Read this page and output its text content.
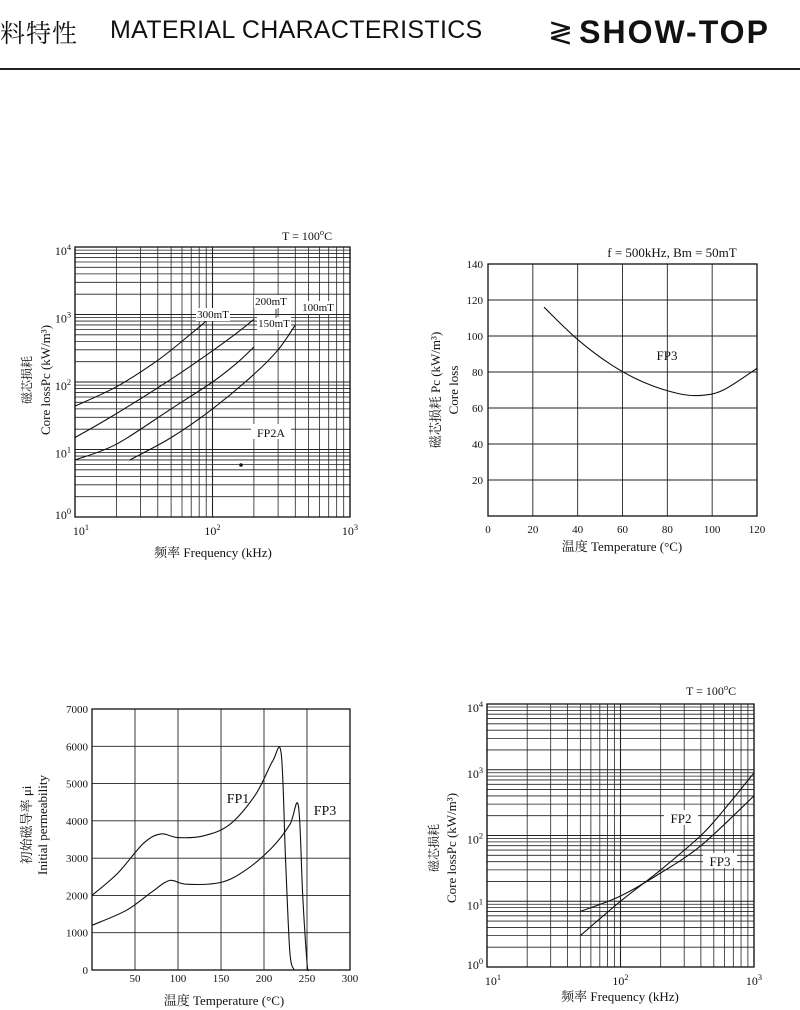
料特性 MATERIAL CHARACTERISTICS ≷ SHOW-TOP
$10^1$	$10^2$	$10^3$
$10^0$
$10^1$
$10^2$
$10^3$
$10^4$
300mT
200mT
150mT
100mT
FP2A
$T = 100^oC$
频率 Frequency (kHz)
磁芯损耗 Core lossPc (kW/m³)	FP3
0	20	40	60	80	100	120
20
40
60
80
100
120
140
f = 500kHz, Bm = 50mT
温度 Temperature (°C)
磁芯损耗 Pc (kW/m³) Core loss
FP1
FP3
50	100 150 200 250 300
0
1000
2000
3000
4000
5000
6000
7000
温度 Temperature (°C)
初始磁导率 μi Initial permeability	FP2
FP3
$10^1$	$10^2$	$10^3$
$10^0$
$10^1$
$10^2$
$10^3$
$10^4$
$T = 100^oC$
频率 Frequency (kHz)
磁芯损耗 Core lossPc (kW/m³)
